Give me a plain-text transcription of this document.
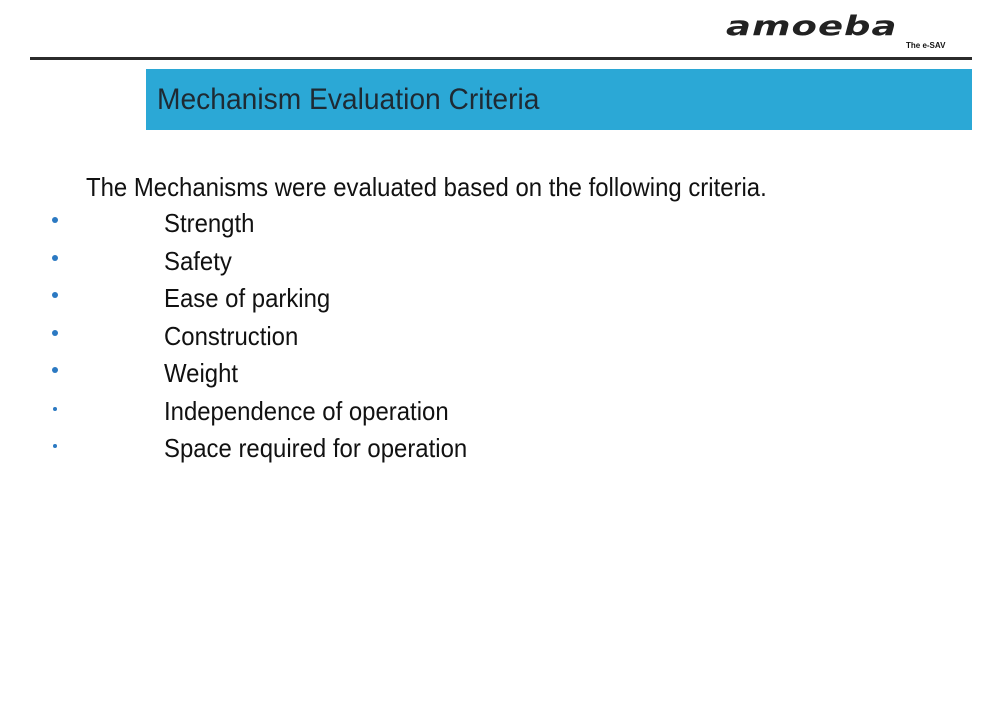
amoeba
The e-SAV
Mechanism Evaluation Criteria
The Mechanisms were evaluated based on the following criteria.
Strength
Safety
Ease of parking
Construction
Weight
Independence of operation
Space required for operation
